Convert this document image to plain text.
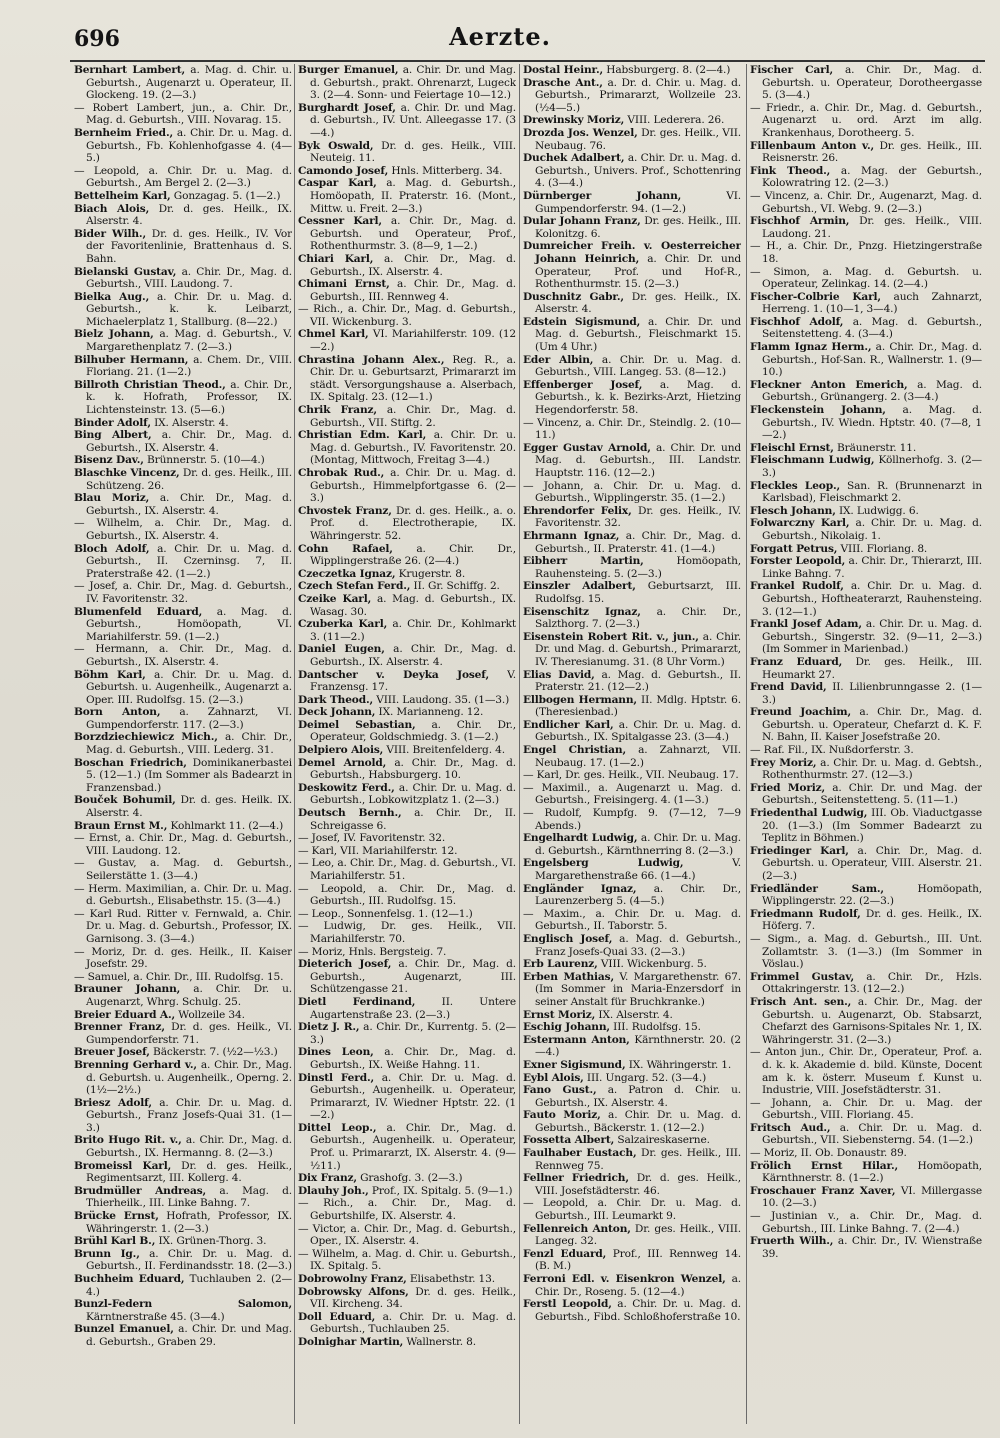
696	Aerzte.

Bernhart Lambert, a. Mag. d. Chir. u. Geburtsh., Augenarzt u. Operateur, II. Glockeng. 19. (2—3.)

— Robert Lambert, jun., a. Chir. Dr., Mag. d. Geburtsh., VIII. Novarag. 15.

Bernheim Fried., a. Chir. Dr. u. Mag. d. Geburtsh., Fb. Kohlenhofgasse 4. (4—5.)

— Leopold, a. Chir. Dr. u. Mag. d. Geburtsh., Am Bergel 2. (2—3.)

Bettelheim Karl, Gonzagag. 5. (1—2.)

Biach Alois, Dr. d. ges. Heilk., IX. Alserstr. 4.

Bider Wilh., Dr. d. ges. Heilk., IV. Vor der Favoritenlinie, Brattenhaus d. S. Bahn.

Bielanski Gustav, a. Chir. Dr., Mag. d. Geburtsh., VIII. Laudong. 7.

Bielka Aug., a. Chir. Dr. u. Mag. d. Geburtsh., k. k. Leibarzt, Michaelerplatz 1, Stallburg. (8—22.)

Bielz Johann, a. Mag. d. Geburtsh., V. Margarethenplatz 7. (2—3.)

Bilhuber Hermann, a. Chem. Dr., VIII. Floriang. 21. (1—2.)

Billroth Christian Theod., a. Chir. Dr., k. k. Hofrath, Professor, IX. Lichtensteinstr. 13. (5—6.)

Binder Adolf, IX. Alserstr. 4.

Bing Albert, a. Chir. Dr., Mag. d. Geburtsh., IX. Alserstr. 4.

Bisenz Dav., Brünnerstr. 5. (10—4.)

Blaschke Vincenz, Dr. d. ges. Heilk., III. Schützeng. 26.

Blau Moriz, a. Chir. Dr., Mag. d. Geburtsh., IX. Alserstr. 4.

— Wilhelm, a. Chir. Dr., Mag. d. Geburtsh., IX. Alserstr. 4.

Bloch Adolf, a. Chir. Dr. u. Mag. d. Geburtsh., II. Czerninsg. 7, II. Praterstraße 42. (1—2.)

— Josef, a. Chir. Dr., Mag. d. Geburtsh., IV. Favoritenstr. 32.

Blumenfeld Eduard, a. Mag. d. Geburtsh., Homöopath, VI. Mariahilferstr. 59. (1—2.)

— Hermann, a. Chir. Dr., Mag. d. Geburtsh., IX. Alserstr. 4.

Böhm Karl, a. Chir. Dr. u. Mag. d. Geburtsh. u. Augenheilk., Augenarzt a. Oper. III. Rudolfsg. 15. (2—3.)

Born Anton, a. Zahnarzt, VI. Gumpendorferstr. 117. (2—3.)

Borzdziechiewicz Mich., a. Chir. Dr., Mag. d. Geburtsh., VIII. Lederg. 31.

Boschan Friedrich, Dominikanerbastei 5. (12—1.) (Im Sommer als Badearzt in Franzensbad.)

Bouček Bohumil, Dr. d. ges. Heilk. IX. Alserstr. 4.

Braun Ernst M., Kohlmarkt 11. (2—4.)

— Ernst, a. Chir. Dr., Mag. d. Geburtsh., VIII. Laudong. 12.

— Gustav, a. Mag. d. Geburtsh., Seilerstätte 1. (3—4.)

— Herm. Maximilian, a. Chir. Dr. u. Mag. d. Geburtsh., Elisabethstr. 15. (3—4.)

— Karl Rud. Ritter v. Fernwald, a. Chir. Dr. u. Mag. d. Geburtsh., Professor, IX. Garnisong. 3. (3—4.)

— Moriz, Dr. d. ges. Heilk., II. Kaiser Josefstr. 29.

— Samuel, a. Chir. Dr., III. Rudolfsg. 15.

Brauner Johann, a. Chir. Dr. u. Augenarzt, Whrg. Schulg. 25.

Breier Eduard A., Wollzeile 34.

Brenner Franz, Dr. d. ges. Heilk., VI. Gumpendorferstr. 71.

Breuer Josef, Bäckerstr. 7. (½2—½3.)

Brenning Gerhard v., a. Chir. Dr., Mag. d. Geburtsh. u. Augenheilk., Operng. 2. (1½—2½.)

Briesz Adolf, a. Chir. Dr. u. Mag. d. Geburtsh., Franz Josefs-Quai 31. (1—3.)

Brito Hugo Rit. v., a. Chir. Dr., Mag. d. Geburtsh., IX. Hermanng. 8. (2—3.)

Bromeissl Karl, Dr. d. ges. Heilk., Regimentsarzt, III. Kollerg. 4.

Brudmüller Andreas, a. Mag. d. Thierheilk., III. Linke Bahng. 7.

Brücke Ernst, Hofrath, Professor, IX. Währingerstr. 1. (2—3.)

Brühl Karl B., IX. Grünen-Thorg. 3.

Brunn Ig., a. Chir. Dr. u. Mag. d. Geburtsh., II. Ferdinandsstr. 18. (2—3.)

Buchheim Eduard, Tuchlauben 2. (2—4.)

Bunzl-Federn Salomon, Kärntnerstraße 45. (3—4.)

Bunzel Emanuel, a. Chir. Dr. und Mag. d. Geburtsh., Graben 29.

Burger Emanuel, a. Chir. Dr. und Mag. d. Geburtsh., prakt. Ohrenarzt, Lugeck 3. (2—4. Sonn- und Feiertage 10—12.)

Burghardt Josef, a. Chir. Dr. und Mag. d. Geburtsh., IV. Unt. Alleegasse 17. (3—4.)

Byk Oswald, Dr. d. ges. Heilk., VIII. Neuteig. 11.

Camondo Josef, Hnls. Mitterberg. 34.

Caspar Karl, a. Mag. d. Geburtsh., Homöopath, II. Praterstr. 16. (Mont., Mittw. u. Freit. 2—3.)

Cessner Karl, a. Chir. Dr., Mag. d. Geburtsh. und Operateur, Prof., Rothenthurmstr. 3. (8—9, 1—2.)

Chiari Karl, a. Chir. Dr., Mag. d. Geburtsh., IX. Alserstr. 4.

Chimani Ernst, a. Chir. Dr., Mag. d. Geburtsh., III. Rennweg 4.

— Rich., a. Chir. Dr., Mag. d. Geburtsh., VII. Wickenburg. 3.

Chmel Karl, VI. Mariahilferstr. 109. (12—2.)

Chrastina Johann Alex., Reg. R., a. Chir. Dr. u. Geburtsarzt, Primararzt im städt. Versorgungshause a. Alserbach, IX. Spitalg. 23. (12—1.)

Chrik Franz, a. Chir. Dr., Mag. d. Geburtsh., VII. Stiftg. 2.

Christian Edm. Karl, a. Chir. Dr. u. Mag. d. Geburtsh., IV. Favoritenstr. 20. (Montag, Mittwoch, Freitag 3—4.)

Chrobak Rud., a. Chir. Dr. u. Mag. d. Geburtsh., Himmelpfortgasse 6. (2—3.)

Chvostek Franz, Dr. d. ges. Heilk., a. o. Prof. d. Electrotherapie, IX. Währingerstr. 52.

Cohn Rafael, a. Chir. Dr., Wipplingerstraße 26. (2—4.)

Czeczetka Ignaz, Krugerstr. 8.

Czech Stefan Ferd., II. Gr. Schiffg. 2.

Czeike Karl, a. Mag. d. Geburtsh., IX. Wasag. 30.

Czuberka Karl, a. Chir. Dr., Kohlmarkt 3. (11—2.)

Daniel Eugen, a. Chir. Dr., Mag. d. Geburtsh., IX. Alserstr. 4.

Dantscher v. Deyka Josef, V. Franzensg. 17.

Dark Theod., VIII. Laudong. 35. (1—3.)

Deck Johann, IX. Marianneng. 12.

Deimel Sebastian, a. Chir. Dr., Operateur, Goldschmiedg. 3. (1—2.)

Delpiero Alois, VIII. Breitenfelderg. 4.

Demel Arnold, a. Chir. Dr., Mag. d. Geburtsh., Habsburgerg. 10.

Deskowitz Ferd., a. Chir. Dr. u. Mag. d. Geburtsh., Lobkowitzplatz 1. (2—3.)

Deutsch Bernh., a. Chir. Dr., II. Schreigasse 6.

— Josef, IV. Favoritenstr. 32.

— Karl, VII. Mariahilferstr. 12.

— Leo, a. Chir. Dr., Mag. d. Geburtsh., VI. Mariahilferstr. 51.

— Leopold, a. Chir. Dr., Mag. d. Geburtsh., III. Rudolfsg. 15.

— Leop., Sonnenfelsg. 1. (12—1.)

— Ludwig, Dr. ges. Heilk., VII. Mariahilferstr. 70.

— Moriz, Hnls. Bergsteig. 7.

Dieterich Josef, a. Chir. Dr., Mag. d. Geburtsh., Augenarzt, III. Schützengasse 21.

Dietl Ferdinand, II. Untere Augartenstraße 23. (2—3.)

Dietz J. R., a. Chir. Dr., Kurrentg. 5. (2—3.)

Dines Leon, a. Chir. Dr., Mag. d. Geburtsh., IX. Weiße Hahng. 11.

Dinstl Ferd., a. Chir. Dr. u. Mag. d. Geburtsh., Augenheilk. u. Operateur, Primararzt, IV. Wiedner Hptstr. 22. (1—2.)

Dittel Leop., a. Chir. Dr., Mag. d. Geburtsh., Augenheilk. u. Operateur, Prof. u. Primararzt, IX. Alserstr. 4. (9—½11.)

Dix Franz, Grashofg. 3. (2—3.)

Dlauhy Joh., Prof., IX. Spitalg. 5. (9—1.)

— Rich., a. Chir. Dr., Mag. d. Geburtshilfe, IX. Alserstr. 4.

— Victor, a. Chir. Dr., Mag. d. Geburtsh., Oper., IX. Alserstr. 4.

— Wilhelm, a. Mag. d. Chir. u. Geburtsh., IX. Spitalg. 5.

Dobrowolny Franz, Elisabethstr. 13.

Dobrowsky Alfons, Dr. d. ges. Heilk., VII. Kircheng. 34.

Doll Eduard, a. Chir. Dr. u. Mag. d. Geburtsh., Tuchlauben 25.

Dolnighar Martin, Wallnerstr. 8.

Dostal Heinr., Habsburgerg. 8. (2—4.)

Drasche Ant., a. Dr. d. Chir. u. Mag. d. Geburtsh., Primararzt, Wollzeile 23. (½4—5.)

Drewinsky Moriz, VIII. Lederera. 26.

Drozda Jos. Wenzel, Dr. ges. Heilk., VII. Neubaug. 76.

Duchek Adalbert, a. Chir. Dr. u. Mag. d. Geburtsh., Univers. Prof., Schottenring 4. (3—4.)

Dürnberger Johann, VI. Gumpendorferstr. 94. (1—2.)

Dular Johann Franz, Dr. ges. Heilk., III. Kolonitzg. 6.

Dumreicher Freih. v. Oesterreicher Johann Heinrich, a. Chir. Dr. und Operateur, Prof. und Hof-R., Rothenthurmstr. 15. (2—3.)

Duschnitz Gabr., Dr. ges. Heilk., IX. Alserstr. 4.

Edstein Sigismund, a. Chir. Dr. und Mag. d. Geburtsh., Fleischmarkt 15. (Um 4 Uhr.)

Eder Albin, a. Chir. Dr. u. Mag. d. Geburtsh., VIII. Langeg. 53. (8—12.)

Effenberger Josef, a. Mag. d. Geburtsh., k. k. Bezirks-Arzt, Hietzing Hegendorferstr. 58.

— Vincenz, a. Chir. Dr., Steindlg. 2. (10—11.)

Egger Gustav Arnold, a. Chir. Dr. und Mag. d. Geburtsh., III. Landstr. Hauptstr. 116. (12—2.)

— Johann, a. Chir. Dr. u. Mag. d. Geburtsh., Wipplingerstr. 35. (1—2.)

Ehrendorfer Felix, Dr. ges. Heilk., IV. Favoritenstr. 32.

Ehrmann Ignaz, a. Chir. Dr., Mag. d. Geburtsh., II. Praterstr. 41. (1—4.)

Eibherr Martin, Homöopath, Rauhensteing. 5. (2—3.)

Einszler Adalbert, Geburtsarzt, III. Rudolfsg. 15.

Eisenschitz Ignaz, a. Chir. Dr., Salzthorg. 7. (2—3.)

Eisenstein Robert Rit. v., jun., a. Chir. Dr. und Mag. d. Geburtsh., Primararzt, IV. Theresianumg. 31. (8 Uhr Vorm.)

Elias David, a. Mag. d. Geburtsh., II. Praterstr. 21. (12—2.)

Ellbogen Hermann, II. Mdlg. Hptstr. 6. (Theresienbad.)

Endlicher Karl, a. Chir. Dr. u. Mag. d. Geburtsh., IX. Spitalgasse 23. (3—4.)

Engel Christian, a. Zahnarzt, VII. Neubaug. 17. (1—2.)

— Karl, Dr. ges. Heilk., VII. Neubaug. 17.

— Maximil., a. Augenarzt u. Mag. d. Geburtsh., Freisingerg. 4. (1—3.)

— Rudolf, Kumpfg. 9. (7—12, 7—9 Abends.)

Engelhardt Ludwig, a. Chir. Dr. u. Mag. d. Geburtsh., Kärnthnerring 8. (2—3.)

Engelsberg Ludwig, V. Margarethenstraße 66. (1—4.)

Engländer Ignaz, a. Chir. Dr., Laurenzerberg 5. (4—5.)

— Maxim., a. Chir. Dr. u. Mag. d. Geburtsh., II. Taborstr. 5.

Englisch Josef, a. Mag. d. Geburtsh., Franz Josefs-Quai 33. (2—3.)

Erb Laurenz, VIII. Wickenburg. 5.

Erben Mathias, V. Margarethenstr. 67. (Im Sommer in Maria-Enzersdorf in seiner Anstalt für Bruchkranke.)

Ernst Moriz, IX. Alserstr. 4.

Eschig Johann, III. Rudolfsg. 15.

Estermann Anton, Kärnthnerstr. 20. (2—4.)

Exner Sigismund, IX. Währingerstr. 1.

Eybl Alois, III. Ungarg. 52. (3—4.)

Fano Gust., a. Patron d. Chir. u. Geburtsh., IX. Alserstr. 4.

Fauto Moriz, a. Chir. Dr. u. Mag. d. Geburtsh., Bäckerstr. 1. (12—2.)

Fossetta Albert, Salzaireskaserne.

Faulhaber Eustach, Dr. ges. Heilk., III. Rennweg 75.

Fellner Friedrich, Dr. d. ges. Heilk., VIII. Josefstädterstr. 46.

— Leopold, a. Chir. Dr. u. Mag. d. Geburtsh., III. Leumarkt 9.

Fellenreich Anton, Dr. ges. Heilk., VIII. Langeg. 32.

Fenzl Eduard, Prof., III. Rennweg 14. (B. M.)

Ferroni Edl. v. Eisenkron Wenzel, a. Chir. Dr., Roseng. 5. (12—4.)

Ferstl Leopold, a. Chir. Dr. u. Mag. d. Geburtsh., Fibd. Schloßhoferstraße 10.

Fischer Carl, a. Chir. Dr., Mag. d. Geburtsh. u. Operateur, Dorotheergasse 5. (3—4.)

— Friedr., a. Chir. Dr., Mag. d. Geburtsh., Augenarzt u. ord. Arzt im allg. Krankenhaus, Dorotheerg. 5.

Fillenbaum Anton v., Dr. ges. Heilk., III. Reisnerstr. 26.

Fink Theod., a. Mag. der Geburtsh., Kolowratring 12. (2—3.)

— Vincenz, a. Chir. Dr., Augenarzt, Mag. d. Geburtsh., VI. Webg. 9. (2—3.)

Fischhof Armin, Dr. ges. Heilk., VIII. Laudong. 21.

— H., a. Chir. Dr., Pnzg. Hietzingerstraße 18.

— Simon, a. Mag. d. Geburtsh. u. Operateur, Zelinkag. 14. (2—4.)

Fischer-Colbrie Karl, auch Zahnarzt, Herreng. 1. (10—1, 3—4.)

Fischhof Adolf, a. Mag. d. Geburtsh., Seitenstetteng. 4. (3—4.)

Flamm Ignaz Herm., a. Chir. Dr., Mag. d. Geburtsh., Hof-San. R., Wallnerstr. 1. (9—10.)

Fleckner Anton Emerich, a. Mag. d. Geburtsh., Grünangerg. 2. (3—4.)

Fleckenstein Johann, a. Mag. d. Geburtsh., IV. Wiedn. Hptstr. 40. (7—8, 1—2.)

Fleischl Ernst, Bräunerstr. 11.

Fleischmann Ludwig, Köllnerhofg. 3. (2—3.)

Fleckles Leop., San. R. (Brunnenarzt in Karlsbad), Fleischmarkt 2.

Flesch Johann, IX. Ludwigg. 6.

Folwarczny Karl, a. Chir. Dr. u. Mag. d. Geburtsh., Nikolaig. 1.

Forgatt Petrus, VIII. Floriang. 8.

Forster Leopold, a. Chir. Dr., Thierarzt, III. Linke Bahng. 7.

Frankel Rudolf, a. Chir. Dr. u. Mag. d. Geburtsh., Hoftheaterarzt, Rauhensteing. 3. (12—1.)

Frankl Josef Adam, a. Chir. Dr. u. Mag. d. Geburtsh., Singerstr. 32. (9—11, 2—3.) (Im Sommer in Marienbad.)

Franz Eduard, Dr. ges. Heilk., III. Heumarkt 27.

Frend David, II. Lilienbrunngasse 2. (1—3.)

Freund Joachim, a. Chir. Dr., Mag. d. Geburtsh. u. Operateur, Chefarzt d. K. F. N. Bahn, II. Kaiser Josefstraße 20.

— Raf. Fil., IX. Nußdorferstr. 3.

Frey Moriz, a. Chir. Dr. u. Mag. d. Gebtsh., Rothenthurmstr. 27. (12—3.)

Fried Moriz, a. Chir. Dr. und Mag. der Geburtsh., Seitenstetteng. 5. (11—1.)

Friedenthal Ludwig, III. Ob. Viaductgasse 20. (1—3.) (Im Sommer Badearzt zu Teplitz in Böhmen.)

Friedinger Karl, a. Chir. Dr., Mag. d. Geburtsh. u. Operateur, VIII. Alserstr. 21. (2—3.)

Friedländer Sam., Homöopath, Wipplingerstr. 22. (2—3.)

Friedmann Rudolf, Dr. d. ges. Heilk., IX. Höferg. 7.

— Sigm., a. Mag. d. Geburtsh., III. Unt. Zollamtstr. 3. (1—3.) (Im Sommer in Vöslau.)

Frimmel Gustav, a. Chir. Dr., Hzls. Ottakringerstr. 13. (12—2.)

Frisch Ant. sen., a. Chir. Dr., Mag. der Geburtsh. u. Augenarzt, Ob. Stabsarzt, Chefarzt des Garnisons-Spitales Nr. 1, IX. Währingerstr. 31. (2—3.)

— Anton jun., Chir. Dr., Operateur, Prof. a. d. k. k. Akademie d. bild. Künste, Docent am k. k. österr. Museum f. Kunst u. Industrie, VIII. Josefstädterstr. 31.

— Johann, a. Chir. Dr. u. Mag. der Geburtsh., VIII. Floriang. 45.

Fritsch Aud., a. Chir. Dr. u. Mag. d. Geburtsh., VII. Siebensterng. 54. (1—2.)

— Moriz, II. Ob. Donaustr. 89.

Frölich Ernst Hilar., Homöopath, Kärnthnerstr. 8. (1—2.)

Froschauer Franz Xaver, VI. Millergasse 10. (2—3.)

— Justinian v., a. Chir. Dr., Mag. d. Geburtsh., III. Linke Bahng. 7. (2—4.)

Fruerth Wilh., a. Chir. Dr., IV. Wienstraße 39.
